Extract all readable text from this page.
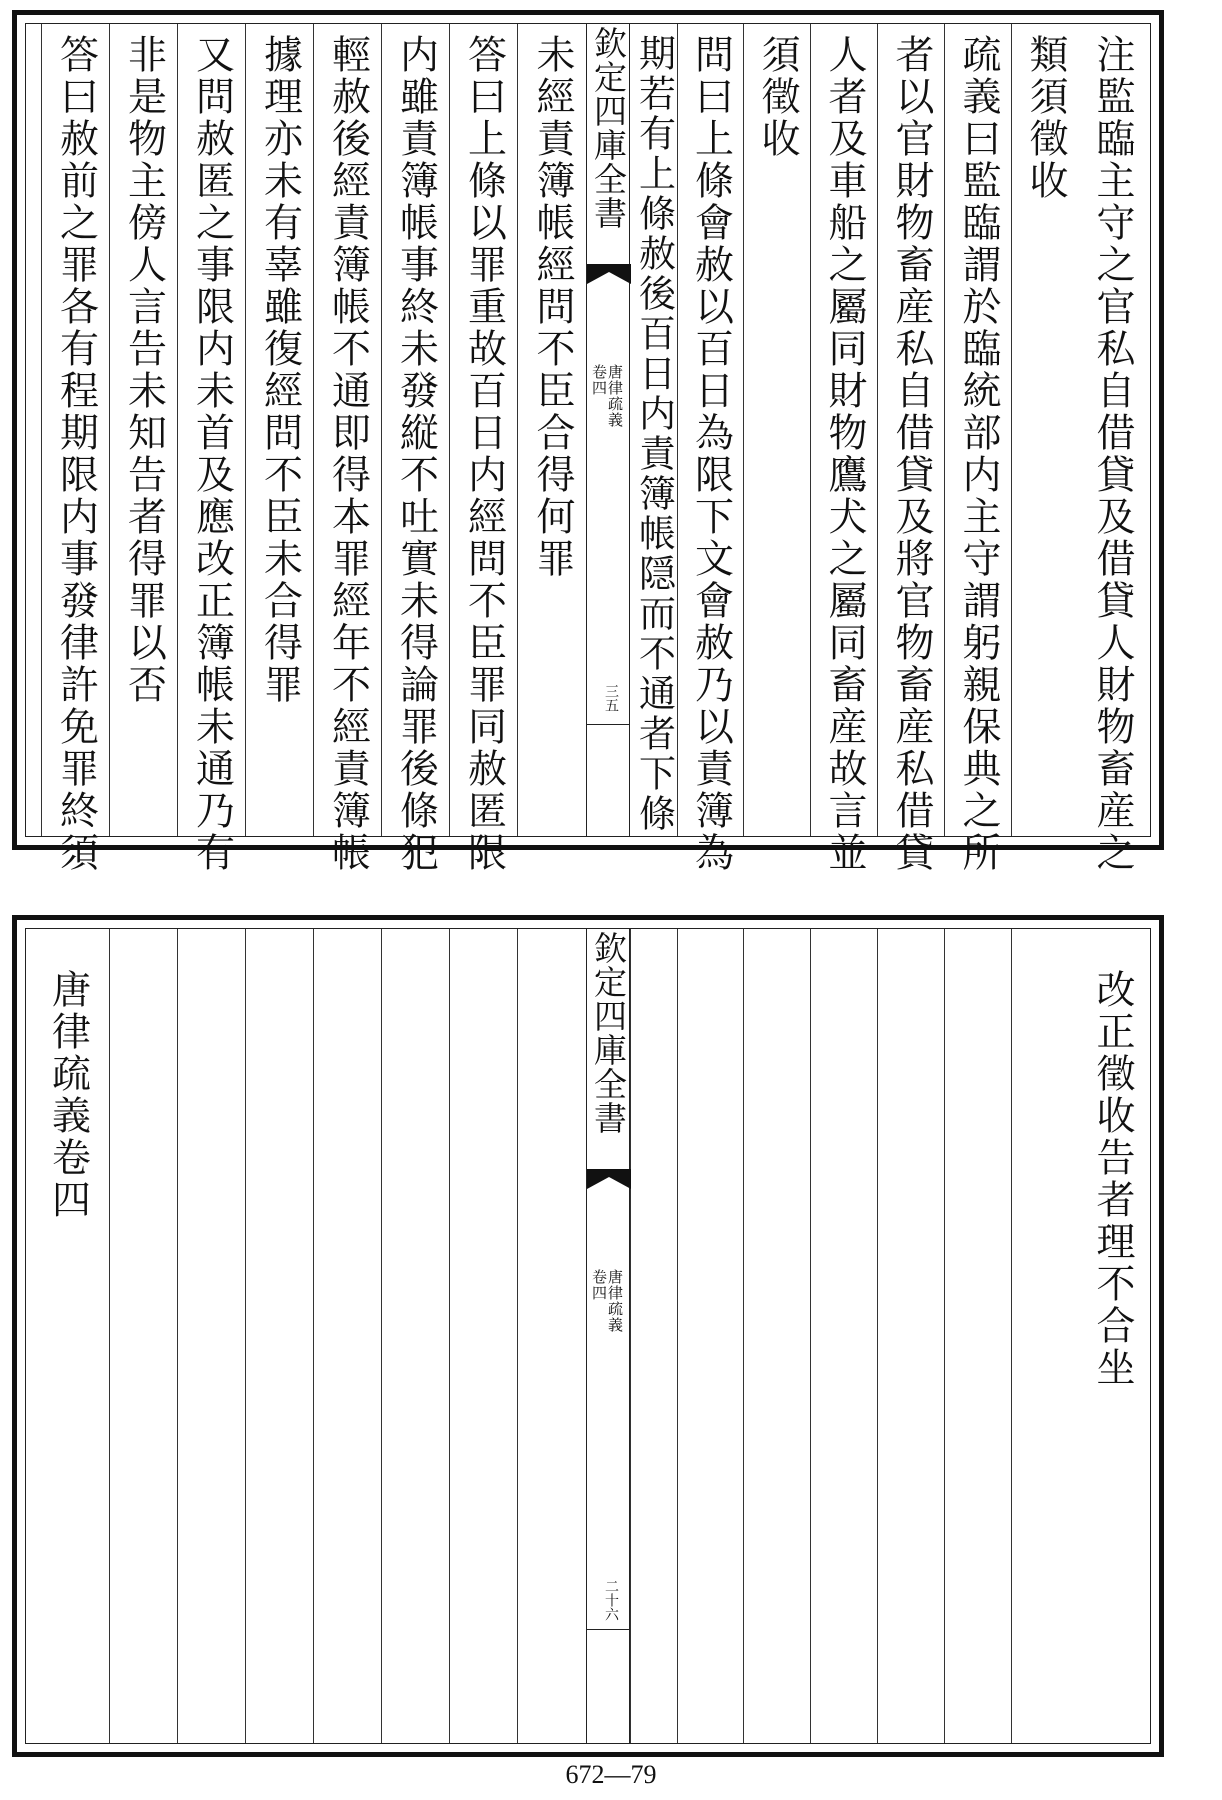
注監臨主守之官私自借貸及借貸人財物畜産之
類須徵收
疏義曰監臨謂於臨統部内主守謂躬親保典之所
者以官財物畜産私自借貸及將官物畜産私借貸
人者及車船之屬同財物鷹犬之屬同畜産故言並
須徵收
問曰上條會赦以百日為限下文會赦乃以責簿為
期若有上條赦後百日内責簿帳隠而不通者下條
欽定四庫全書
唐律疏義
卷四
三五
未經責簿帳經問不臣合得何罪
答曰上條以罪重故百日内經問不臣罪同赦匿限
内雖責簿帳事終未發縦不吐實未得論罪後條犯
輕赦後經責簿帳不通即得本罪經年不經責簿帳
據理亦未有辜雖復經問不臣未合得罪
又問赦匿之事限内未首及應改正簿帳未通乃有
非是物主傍人言告未知告者得罪以否
答曰赦前之罪各有程期限内事發律許免罪終須
改正徵收告者理不合坐
欽定四庫全書
唐律疏義
卷四
二十六
唐律疏義卷四
672—79
